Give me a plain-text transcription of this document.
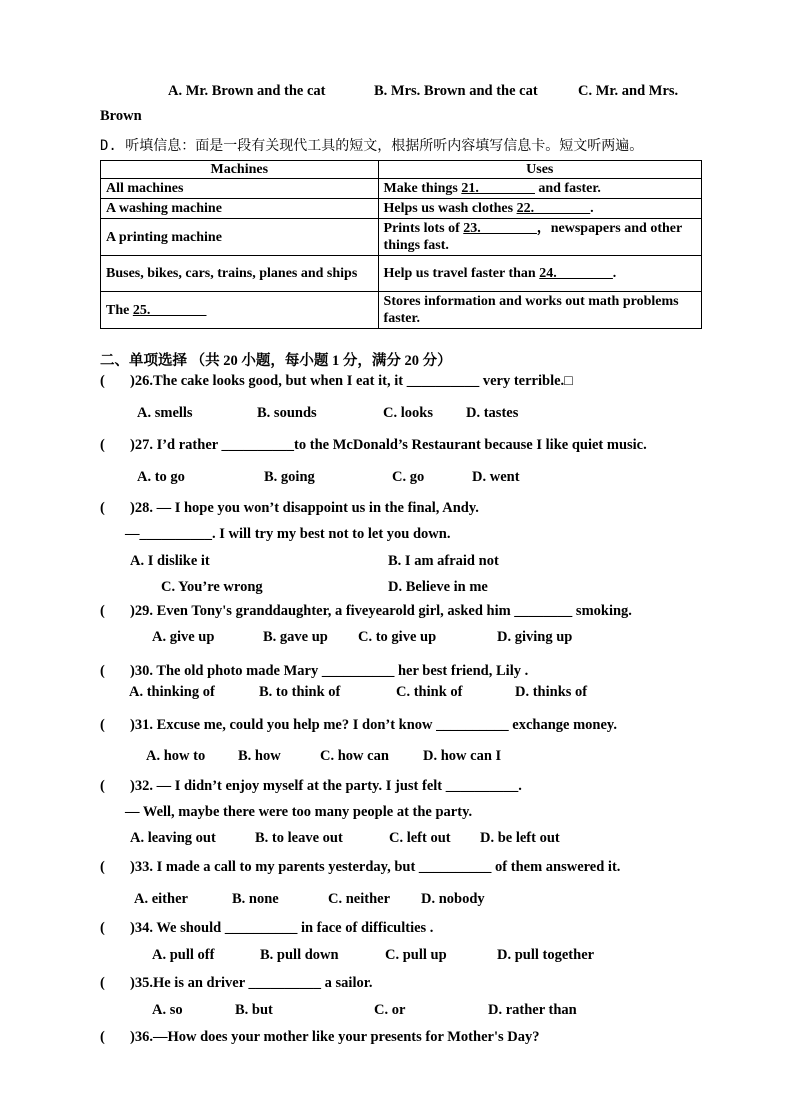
A. Mr. Brown and the cat	B. Mrs. Brown and the cat	C. Mr. and Mrs.
Brown
D. 听填信息：面是一段有关现代工具的短文，根据所听内容填写信息卡。短文听两遍。
Machines	Uses
All machines	Make things 21.________ and faster.
A washing machine	Helps us wash clothes 22.________.
A printing machine	Prints lots of 23.________，newspapers and other things fast.
Buses, bikes, cars, trains, planes and ships	Help us travel faster than 24.________.
The 25.________	Stores information and works out math problems faster.
二、单项选择 （共 20 小题，每小题 1 分，满分 20 分）
( )26.The cake looks good, but when I eat it, it __________ very terrible.□
A. smells	B. sounds	C. looks D. tastes
( )27. I’d rather __________to the McDonald’s Restaurant because I like quiet music.
A. to go	B. going	C. go	D. went
( )28. — I hope you won’t disappoint us in the final, Andy.
—__________. I will try my best not to let you down.
A. I dislike it	B. I am afraid not
C. You’re wrong	D. Believe in me
( )29. Even Tony's granddaughter, a fiveyearold girl, asked him ________ smoking.
A. give up	B. gave up C. to give up	D. giving up
( )30. The old photo made Mary __________ her best friend, Lily .
A. thinking of	B. to think of	C. think of	D. thinks of
( )31. Excuse me, could you help me? I don’t know __________ exchange money.
A. how to B. how	C. how can D. how can I
( )32. — I didn’t enjoy myself at the party. I just felt __________.
— Well, maybe there were too many people at the party.
A. leaving out	B. to leave out	C. left out D. be left out
( )33. I made a call to my parents yesterday, but __________ of them answered it.
A. either	B. none	C. neither D. nobody
( )34. We should __________ in face of difficulties .
A. pull off	B. pull down	C. pull up	D. pull together
( )35.He is an driver __________ a sailor.
A. so	B. but	C. or	D. rather than
( )36.—How does your mother like your presents for Mother's Day?
